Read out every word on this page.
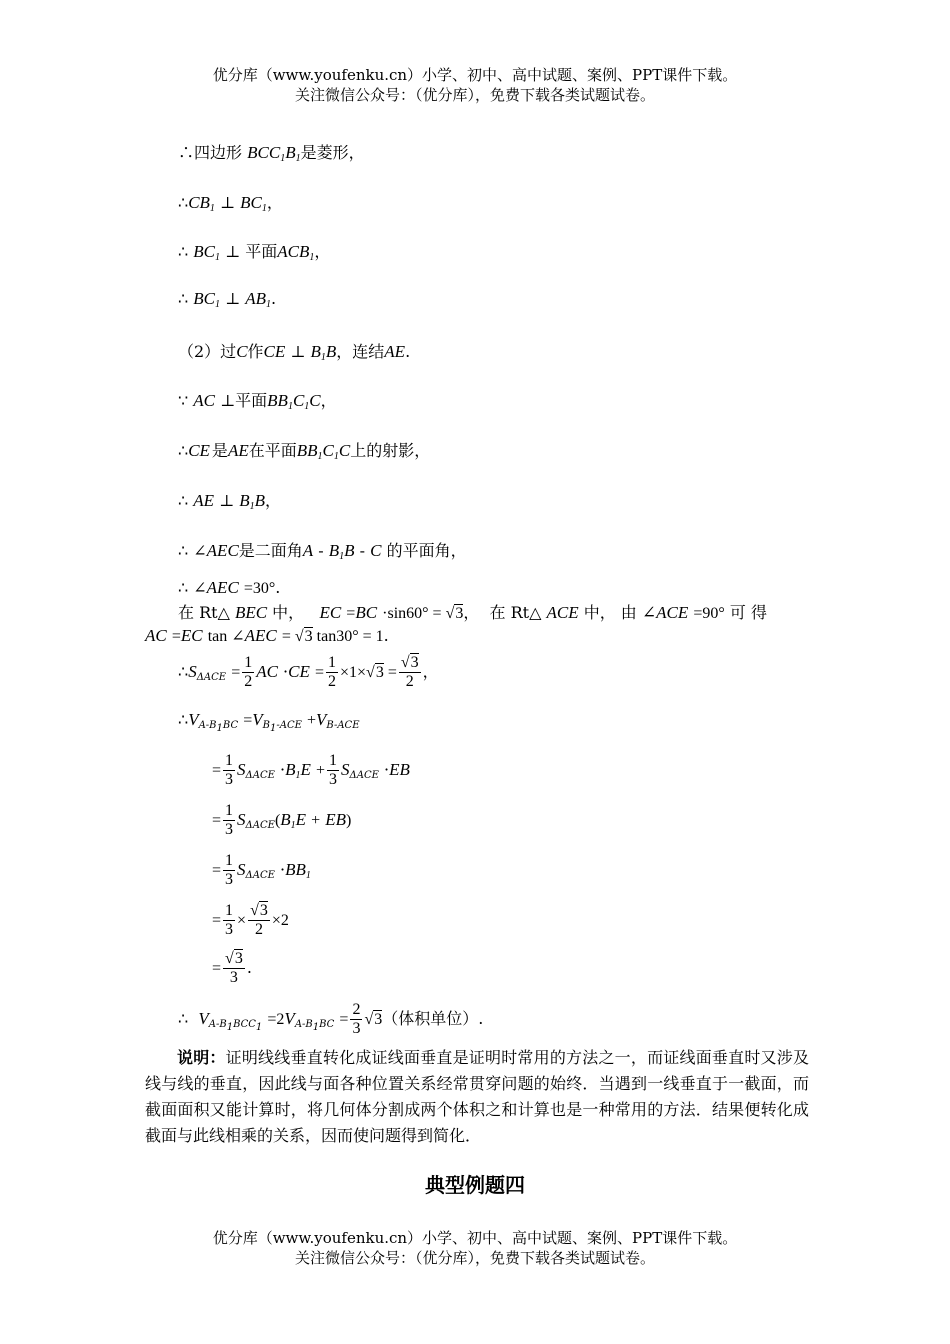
优分库（www.youfenku.cn）小学、初中、高中试题、案例、PPT课件下载。
关注微信公众号：（优分库），免费下载各类试题试卷。
∴四边形 $BCC_1B_1$是菱形，
$\therefore CB_1$ ⊥ $BC_1$，
∴ $BC_1$ ⊥ 平面$ACB_1$，
∴ $BC_1$ ⊥ $AB_1$.
（2）过C作CE ⊥ $B_1B$，连结AE.
∵ AC ⊥平面$BB_1C_1C$，
∴CE 是AE在平面$BB_1C_1C$上的射影，
∴ AE ⊥ $B_1B$，
∴ ∠AEC是二面角A - $B_1B$ - C 的平面角，
∴ ∠AEC =30°.
在 Rt△ BEC 中， EC =BC ·sin60° = √3，  在 Rt△ ACE 中， 由 ∠ACE =90° 可 得
AC =EC tan ∠AEC = √3 tan30° = 1.
$\therefore S_{\Delta ACE} = \frac{1}{2}$ AC $\cdot CE = \frac{1}{2} \times 1\times√3 = \frac{√3}{2}$ ，
$\therefore V_{A-B_1BC} =V_{B_1-ACE} +V_{B-ACE}$
= $\frac{1}{3} S_{\Delta ACE} \cdot B_1E + \frac{1}{3} S_{\Delta ACE} \cdot EB$
= $\frac{1}{3} S_{\Delta ACE}(B_1E + EB)$
= $\frac{1}{3} S_{\Delta ACE} \cdot BB_1$
= $\frac{1}{3} \times \frac{√3}{2} \times 2$
= $\frac{√3}{3}$ .
∴  $V_{A-B_1BCC_1} =2V_{A-B_1BC} = \frac{2}{3} √3$（体积单位）.
说明：证明线线垂直转化成证线面垂直是证明时常用的方法之一，而证线面垂直时又涉及线与线的垂直，因此线与面各种位置关系经常贯穿问题的始终．当遇到一线垂直于一截面，而截面面积又能计算时，将几何体分割成两个体积之和计算也是一种常用的方法．结果便转化成截面与此线相乘的关系，因而使问题得到简化．
典型例题四
优分库（www.youfenku.cn）小学、初中、高中试题、案例、PPT课件下载。
关注微信公众号：（优分库），免费下载各类试题试卷。
